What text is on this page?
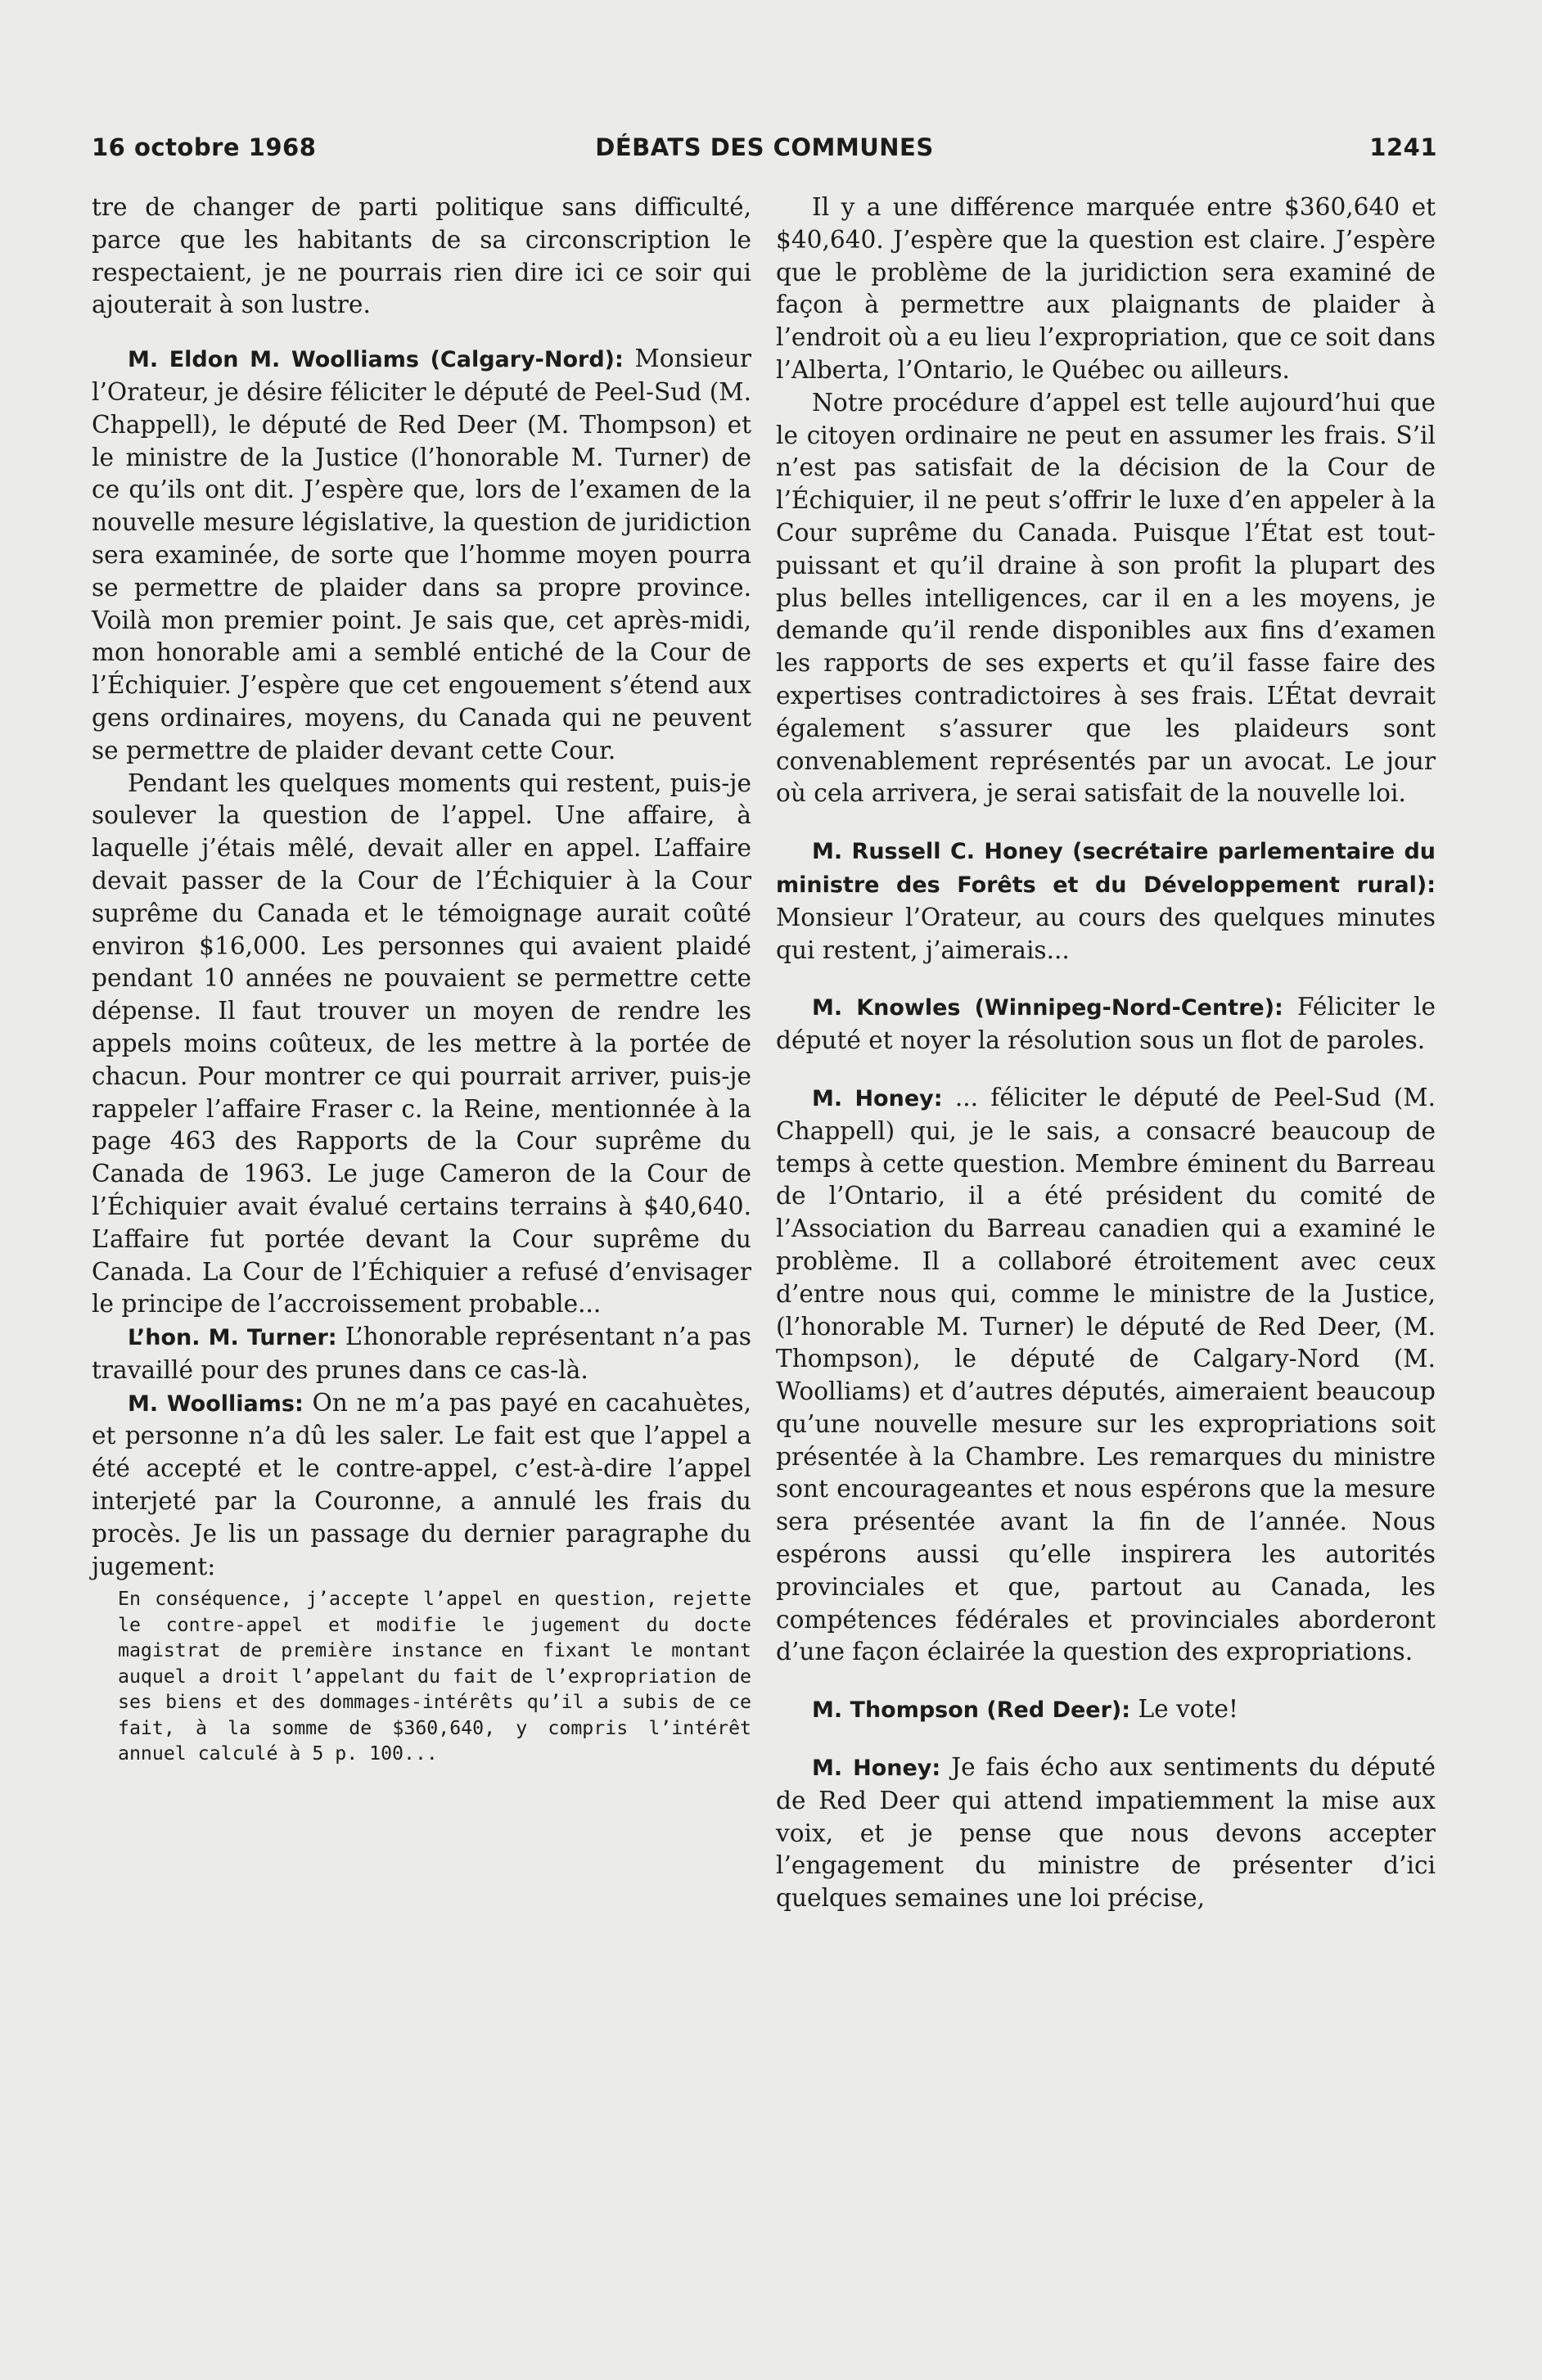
16 octobre 1968	DÉBATS DES COMMUNES	1241

tre de changer de parti politique sans difficulté, parce que les habitants de sa circonscription le respectaient, je ne pourrais rien dire ici ce soir qui ajouterait à son lustre.

M. Eldon M. Woolliams (Calgary-Nord): Monsieur l’Orateur, je désire féliciter le député de Peel-Sud (M. Chappell), le député de Red Deer (M. Thompson) et le ministre de la Justice (l’honorable M. Turner) de ce qu’ils ont dit. J’espère que, lors de l’examen de la nouvelle mesure législative, la question de juridiction sera examinée, de sorte que l’homme moyen pourra se permettre de plaider dans sa propre province. Voilà mon premier point. Je sais que, cet après-midi, mon honorable ami a semblé entiché de la Cour de l’Échiquier. J’espère que cet engouement s’étend aux gens ordinaires, moyens, du Canada qui ne peuvent se permettre de plaider devant cette Cour.

Pendant les quelques moments qui restent, puis-je soulever la question de l’appel. Une affaire, à laquelle j’étais mêlé, devait aller en appel. L’affaire devait passer de la Cour de l’Échiquier à la Cour suprême du Canada et le témoignage aurait coûté environ $16,000. Les personnes qui avaient plaidé pendant 10 années ne pouvaient se permettre cette dépense. Il faut trouver un moyen de rendre les appels moins coûteux, de les mettre à la portée de chacun. Pour montrer ce qui pourrait arriver, puis-je rappeler l’affaire Fraser c. la Reine, mentionnée à la page 463 des Rapports de la Cour suprême du Canada de 1963. Le juge Cameron de la Cour de l’Échiquier avait évalué certains terrains à $40,640. L’affaire fut portée devant la Cour suprême du Canada. La Cour de l’Échiquier a refusé d’envisager le principe de l’accroissement probable...

L’hon. M. Turner: L’honorable représentant n’a pas travaillé pour des prunes dans ce cas-là.

M. Woolliams: On ne m’a pas payé en cacahuètes, et personne n’a dû les saler. Le fait est que l’appel a été accepté et le contre-appel, c’est-à-dire l’appel interjeté par la Couronne, a annulé les frais du procès. Je lis un passage du dernier paragraphe du jugement:

En conséquence, j’accepte l’appel en question, rejette le contre-appel et modifie le jugement du docte magistrat de première instance en fixant le montant auquel a droit l’appelant du fait de l’expropriation de ses biens et des dommages-intérêts qu’il a subis de ce fait, à la somme de $360,640, y compris l’intérêt annuel calculé à 5 p. 100...

Il y a une différence marquée entre $360,640 et $40,640. J’espère que la question est claire. J’espère que le problème de la juridiction sera examiné de façon à permettre aux plaignants de plaider à l’endroit où a eu lieu l’expropriation, que ce soit dans l’Alberta, l’Ontario, le Québec ou ailleurs.

Notre procédure d’appel est telle aujourd’hui que le citoyen ordinaire ne peut en assumer les frais. S’il n’est pas satisfait de la décision de la Cour de l’Échiquier, il ne peut s’offrir le luxe d’en appeler à la Cour suprême du Canada. Puisque l’État est tout-puissant et qu’il draine à son profit la plupart des plus belles intelligences, car il en a les moyens, je demande qu’il rende disponibles aux fins d’examen les rapports de ses experts et qu’il fasse faire des expertises contradictoires à ses frais. L’État devrait également s’assurer que les plaideurs sont convenablement représentés par un avocat. Le jour où cela arrivera, je serai satisfait de la nouvelle loi.

M. Russell C. Honey (secrétaire parlementaire du ministre des Forêts et du Développement rural): Monsieur l’Orateur, au cours des quelques minutes qui restent, j’aimerais...

M. Knowles (Winnipeg-Nord-Centre): Féliciter le député et noyer la résolution sous un flot de paroles.

M. Honey: ... féliciter le député de Peel-Sud (M. Chappell) qui, je le sais, a consacré beaucoup de temps à cette question. Membre éminent du Barreau de l’Ontario, il a été président du comité de l’Association du Barreau canadien qui a examiné le problème. Il a collaboré étroitement avec ceux d’entre nous qui, comme le ministre de la Justice, (l’honorable M. Turner) le député de Red Deer, (M. Thompson), le député de Calgary-Nord (M. Woolliams) et d’autres députés, aimeraient beaucoup qu’une nouvelle mesure sur les expropriations soit présentée à la Chambre. Les remarques du ministre sont encourageantes et nous espérons que la mesure sera présentée avant la fin de l’année. Nous espérons aussi qu’elle inspirera les autorités provinciales et que, partout au Canada, les compétences fédérales et provinciales aborderont d’une façon éclairée la question des expropriations.

M. Thompson (Red Deer): Le vote!

M. Honey: Je fais écho aux sentiments du député de Red Deer qui attend impatiemment la mise aux voix, et je pense que nous devons accepter l’engagement du ministre de présenter d’ici quelques semaines une loi précise,
